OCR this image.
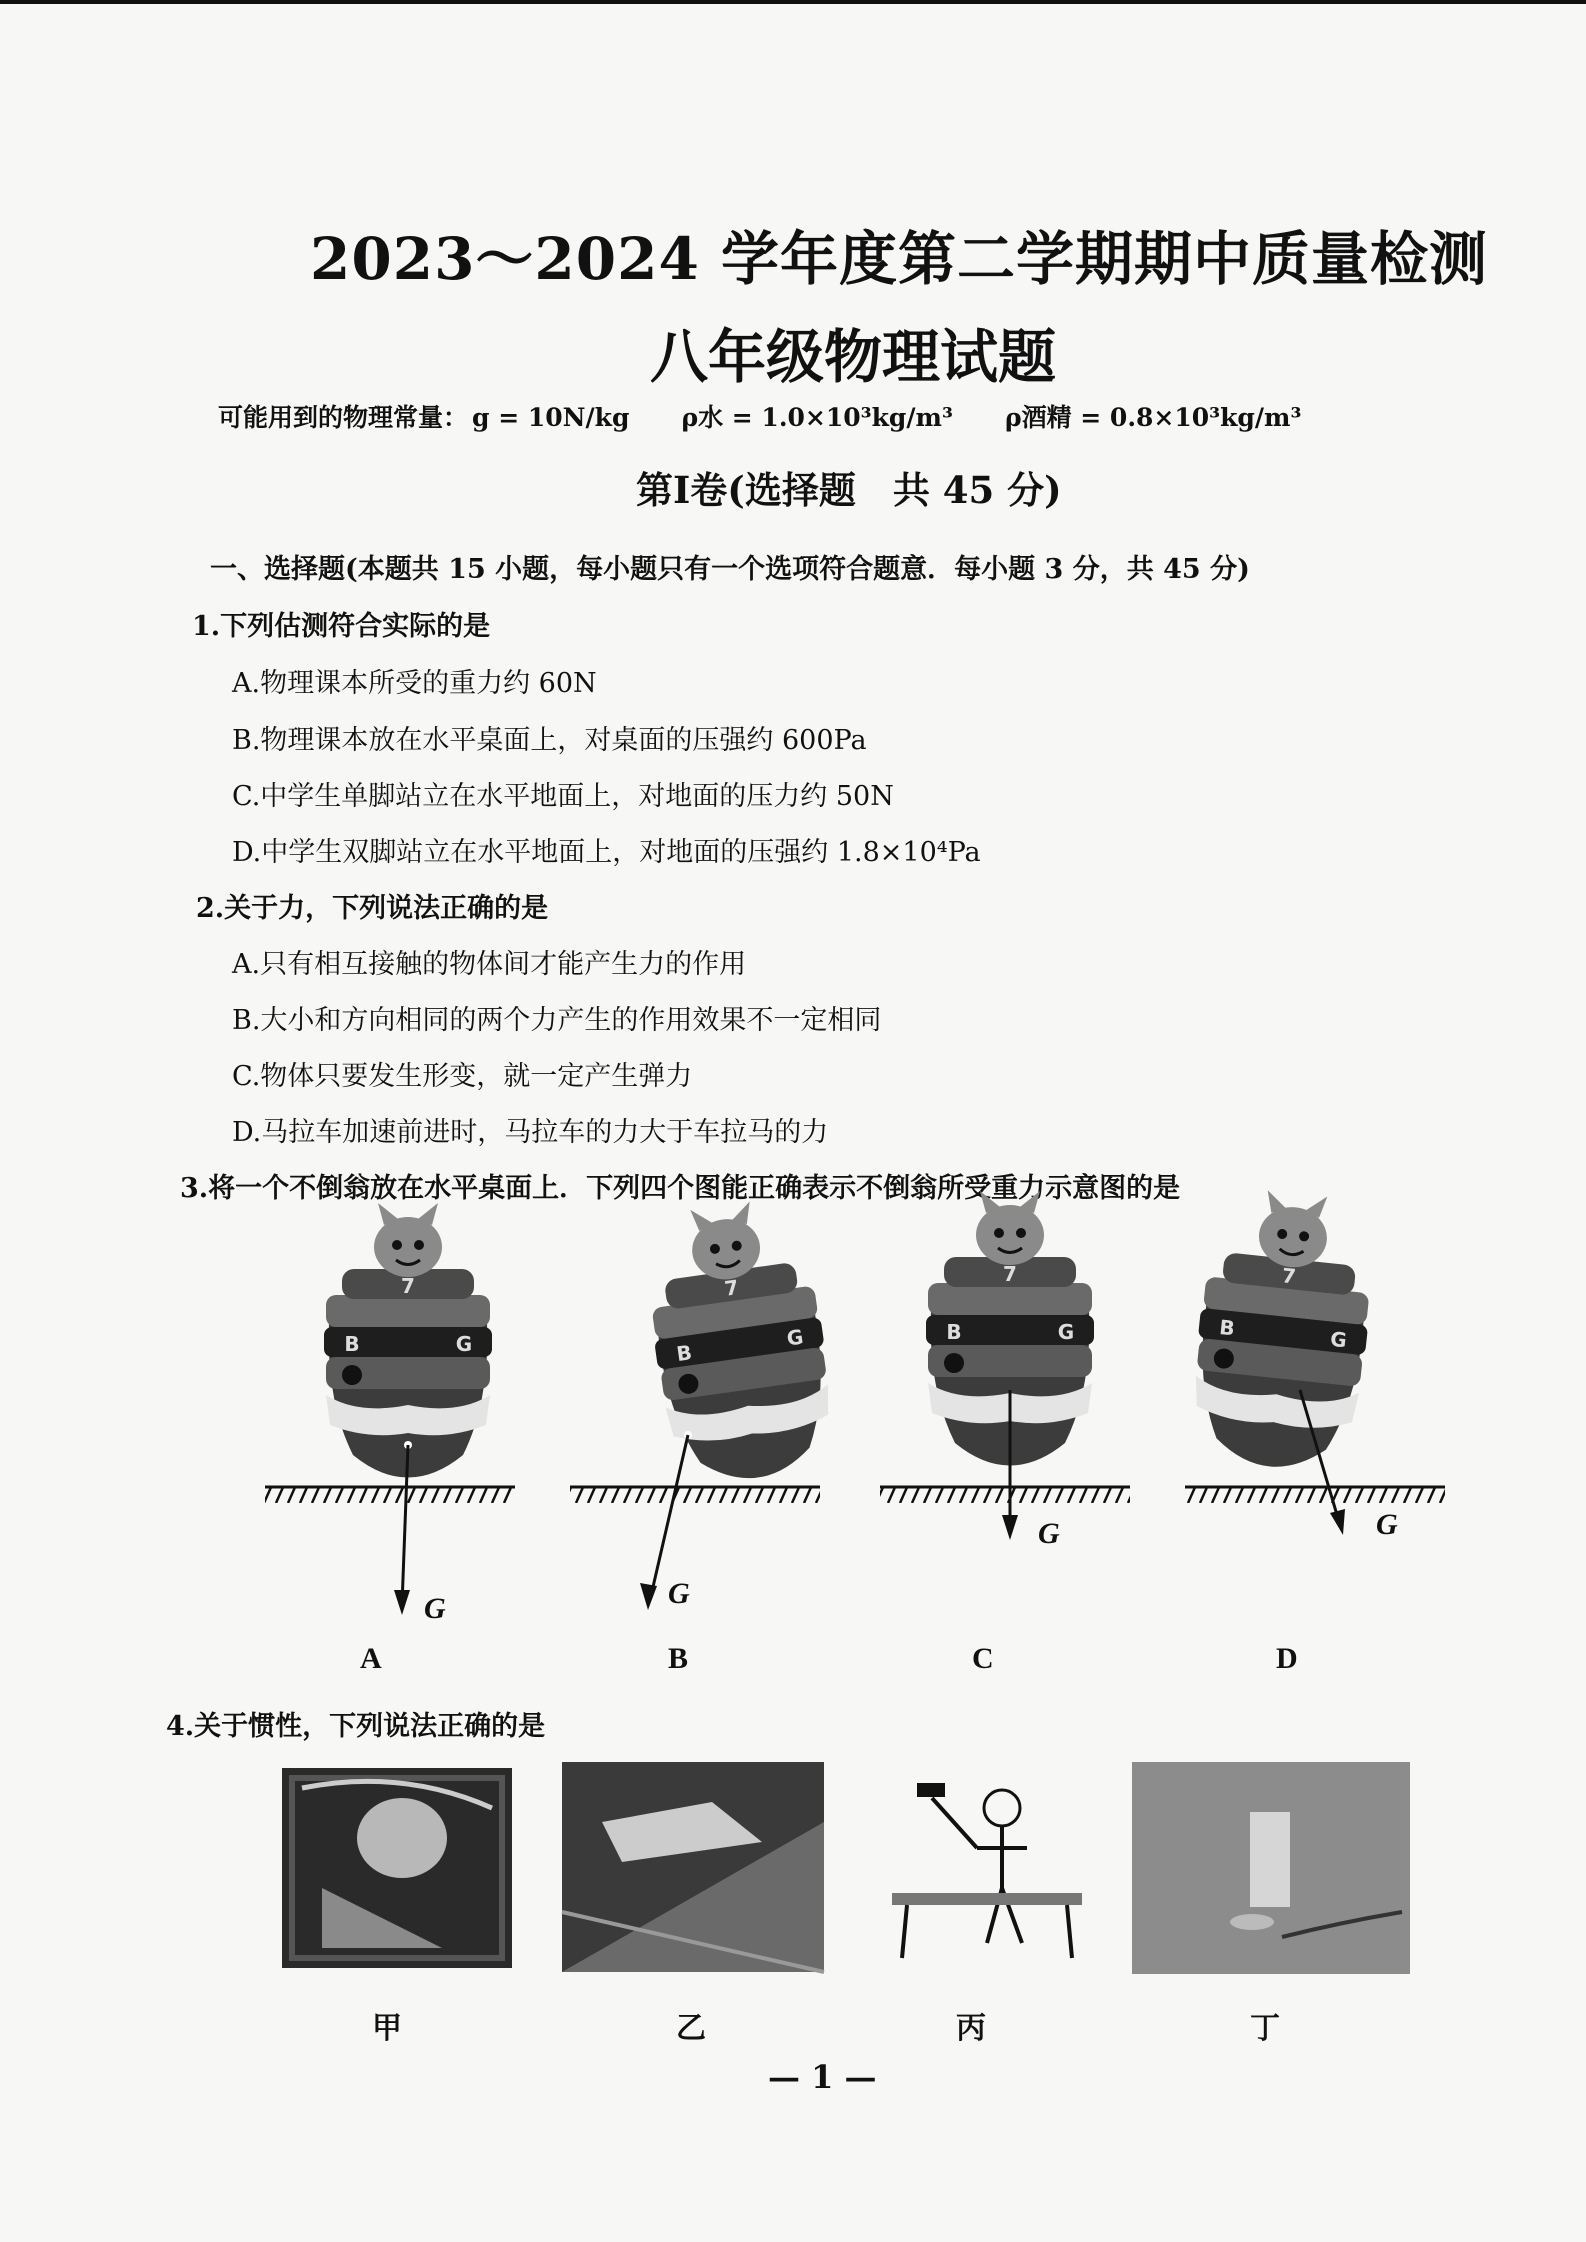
2023～2024 学年度第二学期期中质量检测
八年级物理试题
可能用到的物理常量： g = 10N/kg ρ水 = 1.0×10³kg/m³ ρ酒精 = 0.8×10³kg/m³
第Ⅰ卷(选择题　共 45 分)
一、选择题(本题共 15 小题，每小题只有一个选项符合题意．每小题 3 分，共 45 分)
1.下列估测符合实际的是
A.物理课本所受的重力约 60N
B.物理课本放在水平桌面上，对桌面的压强约 600Pa
C.中学生单脚站立在水平地面上，对地面的压力约 50N
D.中学生双脚站立在水平地面上，对地面的压强约 1.8×10⁴Pa
2.关于力，下列说法正确的是
A.只有相互接触的物体间才能产生力的作用
B.大小和方向相同的两个力产生的作用效果不一定相同
C.物体只要发生形变，就一定产生弹力
D.马拉车加速前进时，马拉车的力大于车拉马的力
3.将一个不倒翁放在水平桌面上．下列四个图能正确表示不倒翁所受重力示意图的是
7
B	G
G	G
G	G
A	B	C	D
4.关于惯性，下列说法正确的是
甲	乙	丙	丁
— 1 —
